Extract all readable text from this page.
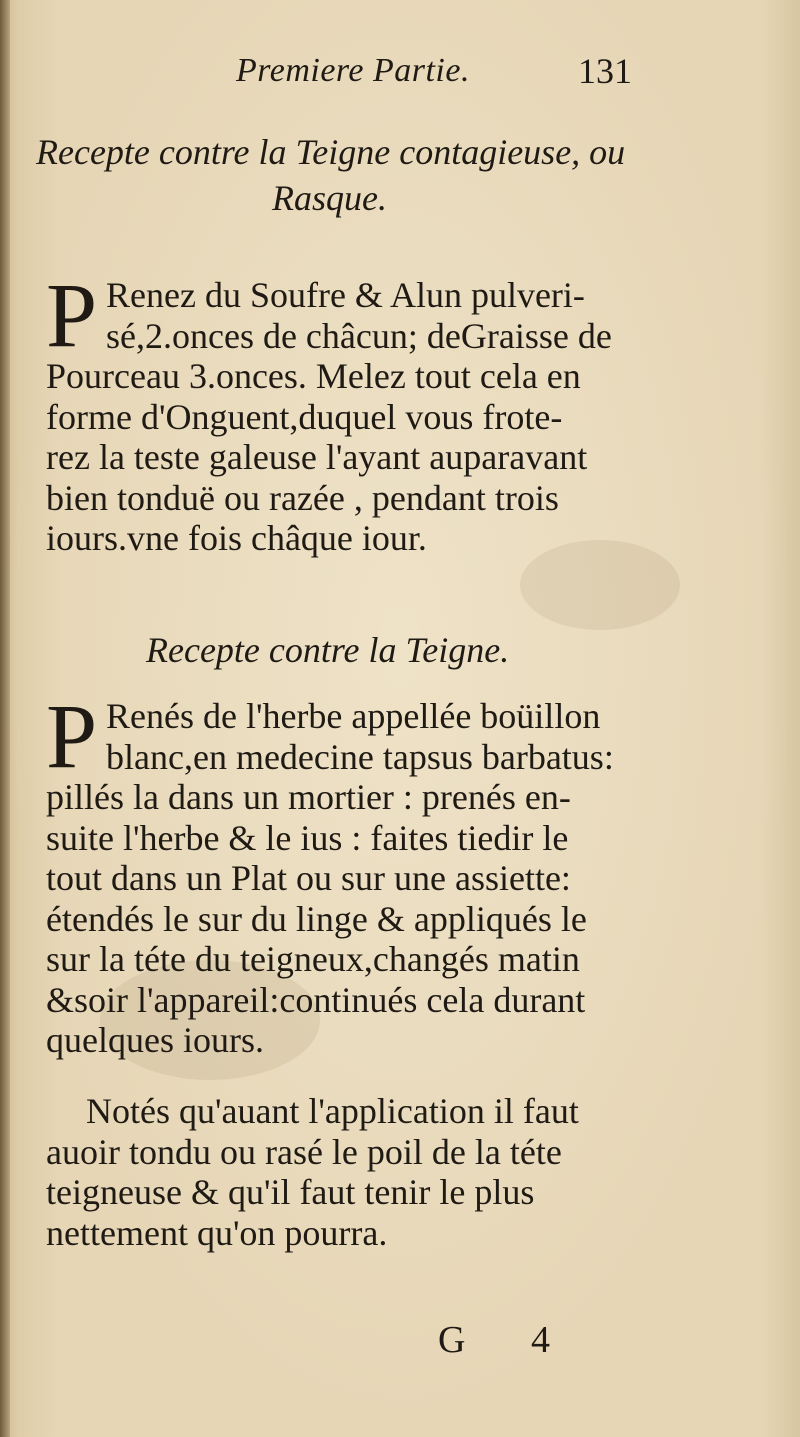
Premiere Partie.	131
Recepte contre la Teigne contagieuse, ou
Rasque.
P Renez du Soufre & Alun pulveri-
sé,2.onces de châcun; deGraisse de
Pourceau 3.onces. Melez tout cela en
forme d'Onguent,duquel vous frote-
rez la teste galeuse l'ayant auparavant
bien tonduë ou razée , pendant trois
iours.vne fois châque iour.
Recepte contre la Teigne.
P Renés de l'herbe appellée boüillon
blanc,en medecine tapsus barbatus:
pillés la dans un mortier : prenés en-
suite l'herbe & le ius : faites tiedir le
tout dans un Plat ou sur une assiette:
étendés le sur du linge & appliqués le
sur la téte du teigneux,changés matin
&soir l'appareil:continués cela durant
quelques iours.
Notés qu'auant l'application il faut
auoir tondu ou rasé le poil de la téte
teigneuse & qu'il faut tenir le plus
nettement qu'on pourra.
G 4
